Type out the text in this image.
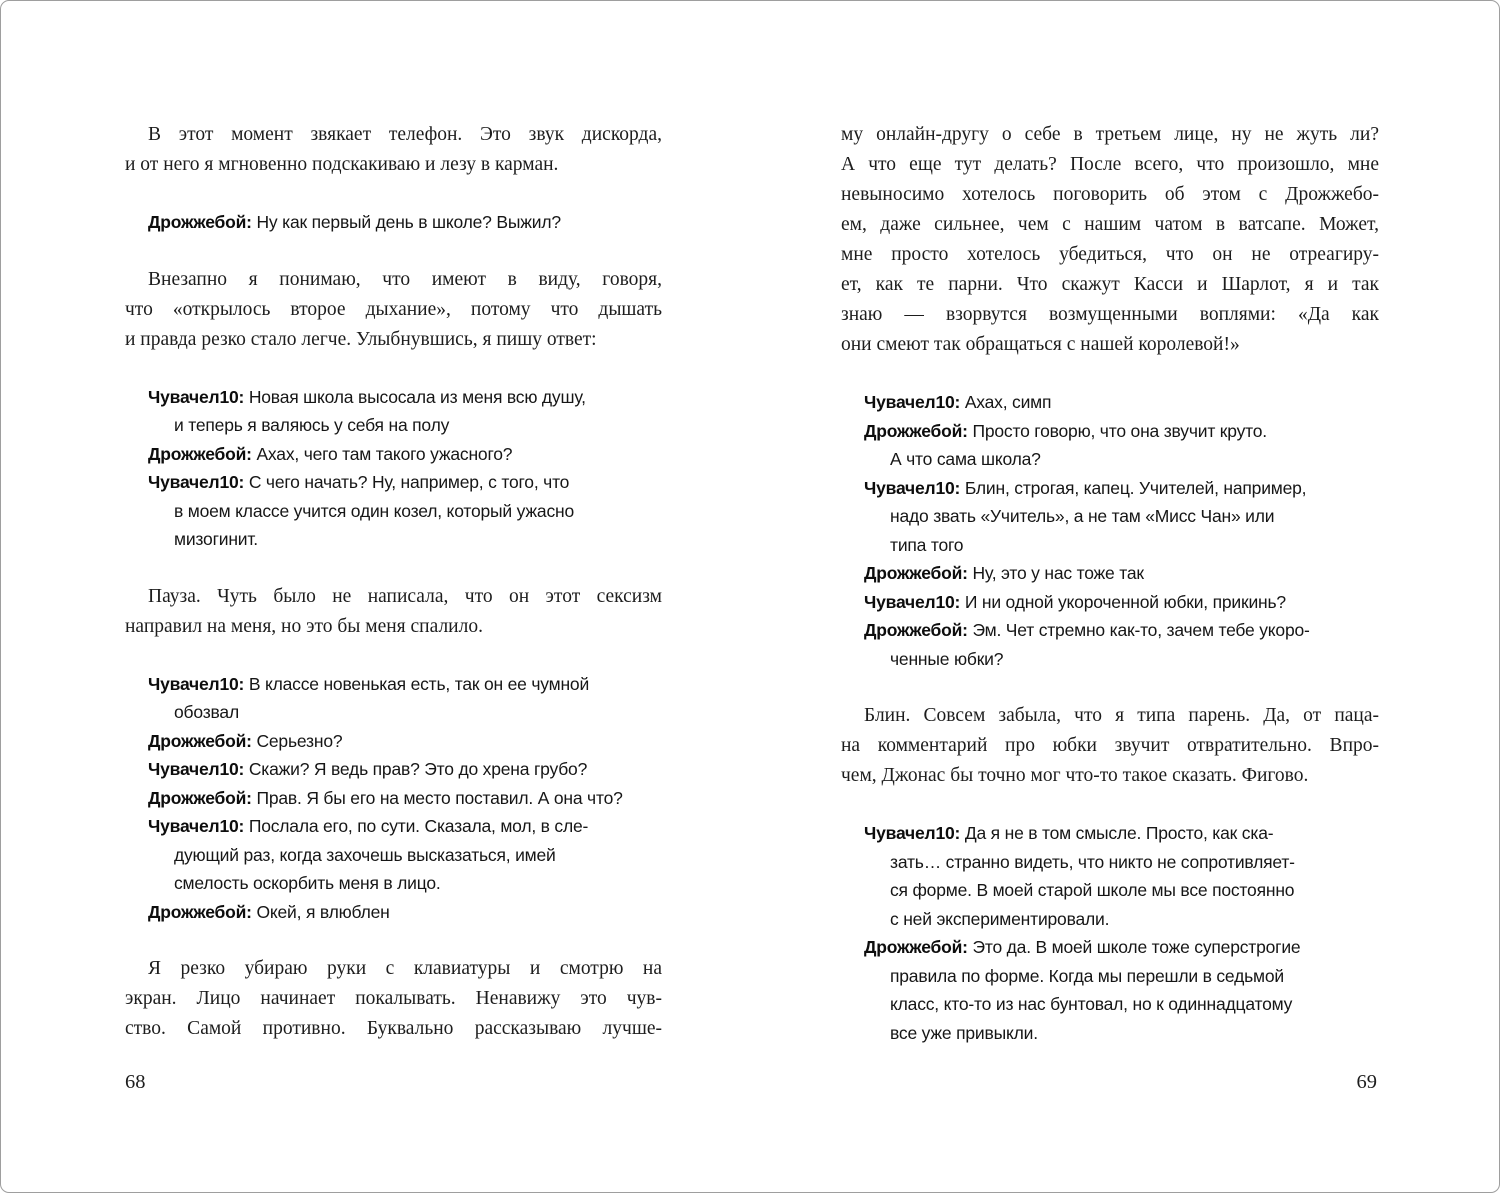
В этот момент звякает телефон. Это звук дискорда,
и от него я мгновенно подскакиваю и лезу в карман.
Дрожжебой: Ну как первый день в школе? Выжил?
Внезапно я понимаю, что имеют в виду, говоря,
что «открылось второе дыхание», потому что дышать
и правда резко стало легче. Улыбнувшись, я пишу ответ:
Чувачел10: Новая школа высосала из меня всю душу,
и теперь я валяюсь у себя на полу
Дрожжебой: Ахах, чего там такого ужасного?
Чувачел10: С чего начать? Ну, например, с того, что
в моем классе учится один козел, который ужасно
мизогинит.
Пауза. Чуть было не написала, что он этот сексизм
направил на меня, но это бы меня спалило.
Чувачел10: В классе новенькая есть, так он ее чумной
обозвал
Дрожжебой: Серьезно?
Чувачел10: Скажи? Я ведь прав? Это до хрена грубо?
Дрожжебой: Прав. Я бы его на место поставил. А она что?
Чувачел10: Послала его, по сути. Сказала, мол, в сле-
дующий раз, когда захочешь высказаться, имей
смелость оскорбить меня в лицо.
Дрожжебой: Окей, я влюблен
Я резко убираю руки с клавиатуры и смотрю на
экран. Лицо начинает покалывать. Ненавижу это чув-
ство. Самой противно. Буквально рассказываю лучше-
68
му онлайн-другу о себе в третьем лице, ну не жуть ли?
А что еще тут делать? После всего, что произошло, мне
невыносимо хотелось поговорить об этом с Дрожжебо-
ем, даже сильнее, чем с нашим чатом в ватсапе. Может,
мне просто хотелось убедиться, что он не отреагиру-
ет, как те парни. Что скажут Касси и Шарлот, я и так
знаю — взорвутся возмущенными воплями: «Да как
они смеют так обращаться с нашей королевой!»
Чувачел10: Ахах, симп
Дрожжебой: Просто говорю, что она звучит круто.
А что сама школа?
Чувачел10: Блин, строгая, капец. Учителей, например,
надо звать «Учитель», а не там «Мисс Чан» или
типа того
Дрожжебой: Ну, это у нас тоже так
Чувачел10: И ни одной укороченной юбки, прикинь?
Дрожжебой: Эм. Чет стремно как-то, зачем тебе укоро-
ченные юбки?
Блин. Совсем забыла, что я типа парень. Да, от паца-
на комментарий про юбки звучит отвратительно. Впро-
чем, Джонас бы точно мог что-то такое сказать. Фигово.
Чувачел10: Да я не в том смысле. Просто, как ска-
зать… странно видеть, что никто не сопротивляет-
ся форме. В моей старой школе мы все постоянно
с ней экспериментировали.
Дрожжебой: Это да. В моей школе тоже суперстрогие
правила по форме. Когда мы перешли в седьмой
класс, кто-то из нас бунтовал, но к одиннадцатому
все уже привыкли.
69
